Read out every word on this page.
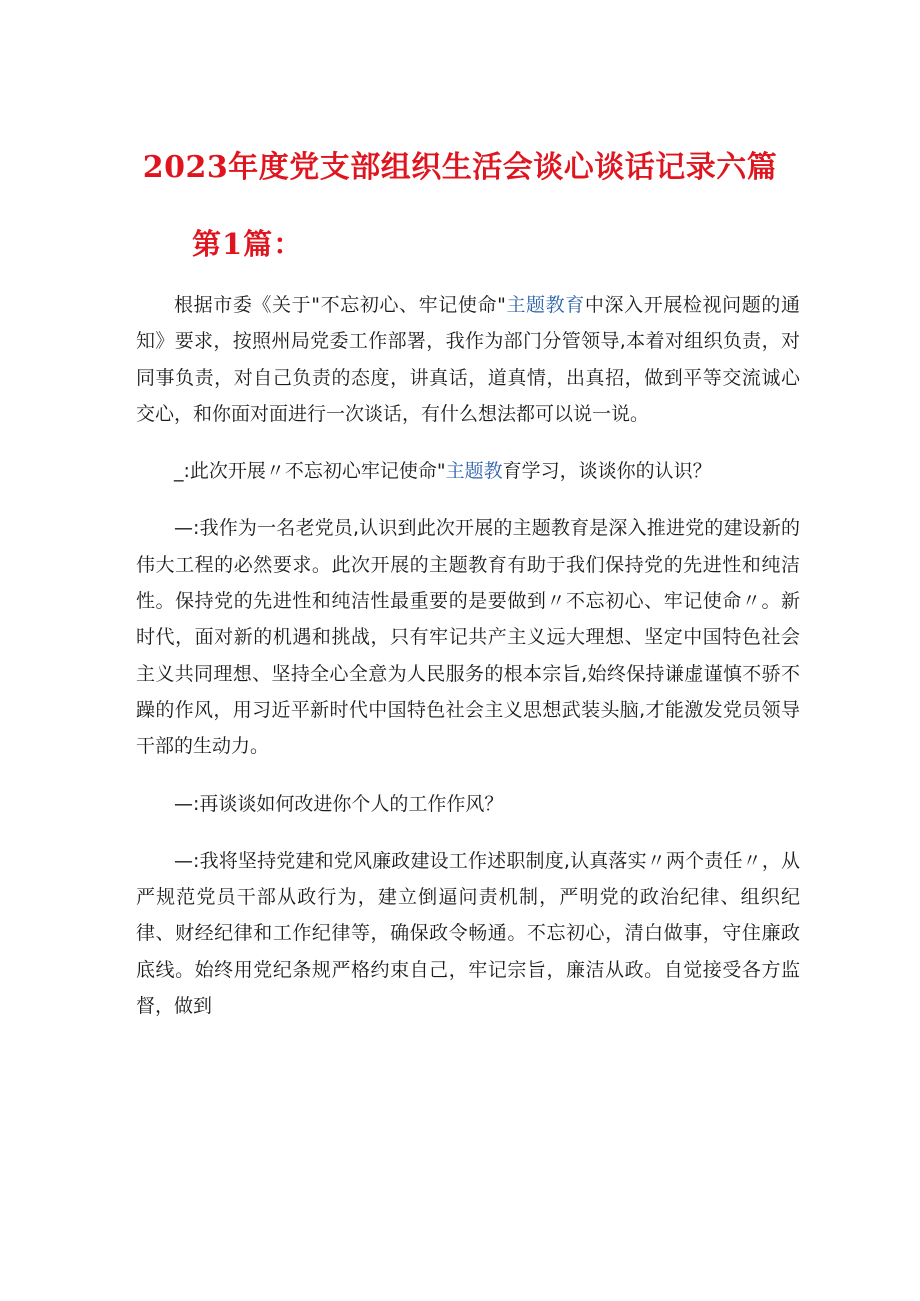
2023年度党支部组织生活会谈心谈话记录六篇
第1篇：

根据市委《关于"不忘初心、牢记使命"主题教育中深入开展检视问题的通知》要求，按照州局党委工作部署，我作为部门分管领导,本着对组织负责，对同事负责，对自己负责的态度，讲真话，道真情，出真招，做到平等交流诚心交心，和你面对面进行一次谈话，有什么想法都可以说一说。

_:此次开展〃不忘初心牢记使命"主题教育学习，谈谈你的认识？

—:我作为一名老党员,认识到此次开展的主题教育是深入推进党的建设新的伟大工程的必然要求。此次开展的主题教育有助于我们保持党的先进性和纯洁性。保持党的先进性和纯洁性最重要的是要做到〃不忘初心、牢记使命〃。新时代，面对新的机遇和挑战，只有牢记共产主义远大理想、坚定中国特色社会主义共同理想、坚持全心全意为人民服务的根本宗旨,始终保持谦虚谨慎不骄不躁的作风，用习近平新时代中国特色社会主义思想武装头脑,才能激发党员领导干部的生动力。

—:再谈谈如何改进你个人的工作作风？

—:我将坚持党建和党风廉政建设工作述职制度,认真落实〃两个责任〃，从严规范党员干部从政行为，建立倒逼问责机制，严明党的政治纪律、组织纪律、财经纪律和工作纪律等，确保政令畅通。不忘初心，清白做事，守住廉政底线。始终用党纪条规严格约束自己，牢记宗旨，廉洁从政。自觉接受各方监督，做到
